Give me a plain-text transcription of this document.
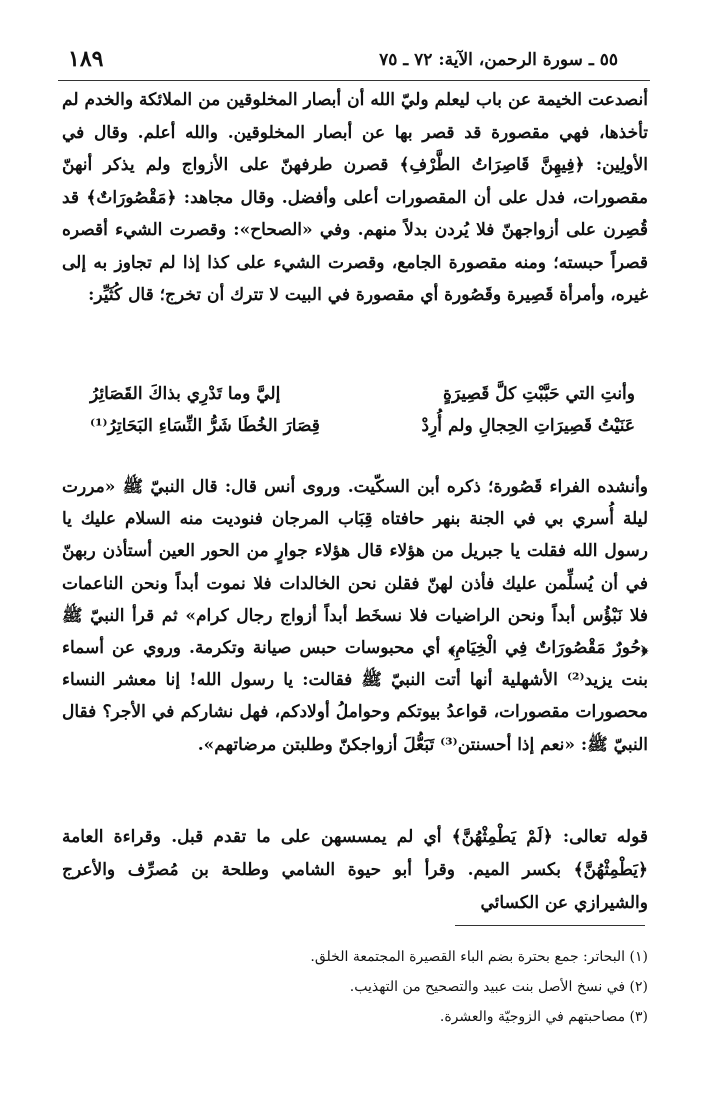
١٨٩	٥٥ ـ سورة الرحمن، الآية: ٧٢ ـ ٧٥

أنصدعت الخيمة عن باب ليعلم وليّ الله أن أبصار المخلوقين من الملائكة والخدم لم تأخذها، فهي مقصورة قد قصر بها عن أبصار المخلوقين. والله أعلم. وقال في الأولِين: ﴿فِيهِنَّ قَاصِرَاتُ الطَّرْفِ﴾ قصرن طرفهنّ على الأزواج ولم يذكر أنهنّ مقصورات، فدل على أن المقصورات أعلى وأفضل. وقال مجاهد: ﴿مَقْصُورَاتٌ﴾ قد قُصِرن على أزواجهنّ فلا يُردن بدلاً منهم. وفي «الصحاح»: وقصرت الشيء أقصره قصراً حبسته؛ ومنه مقصورة الجامع، وقصرت الشيء على كذا إذا لم تجاوز به إلى غيره، وأمرأة قَصِيرة وقَصُورة أي مقصورة في البيت لا تترك أن تخرج؛ قال كُثَيِّر:

وأنتِ التي حَبَّبْتِ كلَّ قَصِيرَةٍ
إليَّ وما تَدْرِي بذاكَ القَصَائِرُ
عَنَيْتُ قَصِيرَاتِ الحِجالِ ولم أُرِدْ
قِصَارَ الخُطَا شَرُّ النِّسَاءِ البَحَاتِرُ⁽¹⁾

وأنشده الفراء قَصُورة؛ ذكره أبن السكّيت. وروى أنس قال: قال النبيّ ﷺ «مررت ليلة أُسري بي في الجنة بنهر حافتاه قِبَاب المرجان فنوديت منه السلام عليك يا رسول الله فقلت يا جبريل من هؤلاء قال هؤلاء جوارٍ من الحور العين أستأذن ربهنّ في أن يُسلِّمن عليك فأذن لهنّ فقلن نحن الخالدات فلا نموت أبداً ونحن الناعمات فلا نَبْؤُس أبداً ونحن الراضيات فلا نسخَط أبداً أزواج رجال كرام» ثم قرأ النبيّ ﷺ ﴿حُورٌ مَقْصُورَاتٌ فِي الْخِيَامِ﴾ أي محبوسات حبس صيانة وتكرمة. وروي عن أسماء بنت يزيد⁽²⁾ الأشهلية أنها أتت النبيّ ﷺ فقالت: يا رسول الله! إنا معشر النساء محصورات مقصورات، قواعدُ بيوتكم وحواملُ أولادكم، فهل نشاركم في الأجر؟ فقال النبيّ ﷺ: «نعم إذا أحسنتن⁽³⁾ تَبَعُّلَ أزواجكنّ وطلبتن مرضاتهم».

قوله تعالى: ﴿لَمْ يَطْمِثْهُنَّ﴾ أي لم يمسسهن على ما تقدم قبل. وقراءة العامة ﴿يَطْمِثْهُنَّ﴾ بكسر الميم. وقرأ أبو حيوة الشامي وطلحة بن مُصرِّف والأعرج والشيرازي عن الكسائي

(١) البحاتر: جمع بحترة بضم الباء القصيرة المجتمعة الخلق.
(٢) في نسخ الأصل بنت عبيد والتصحيح من التهذيب.
(٣) مصاحبتهم في الزوجيّة والعشرة.
